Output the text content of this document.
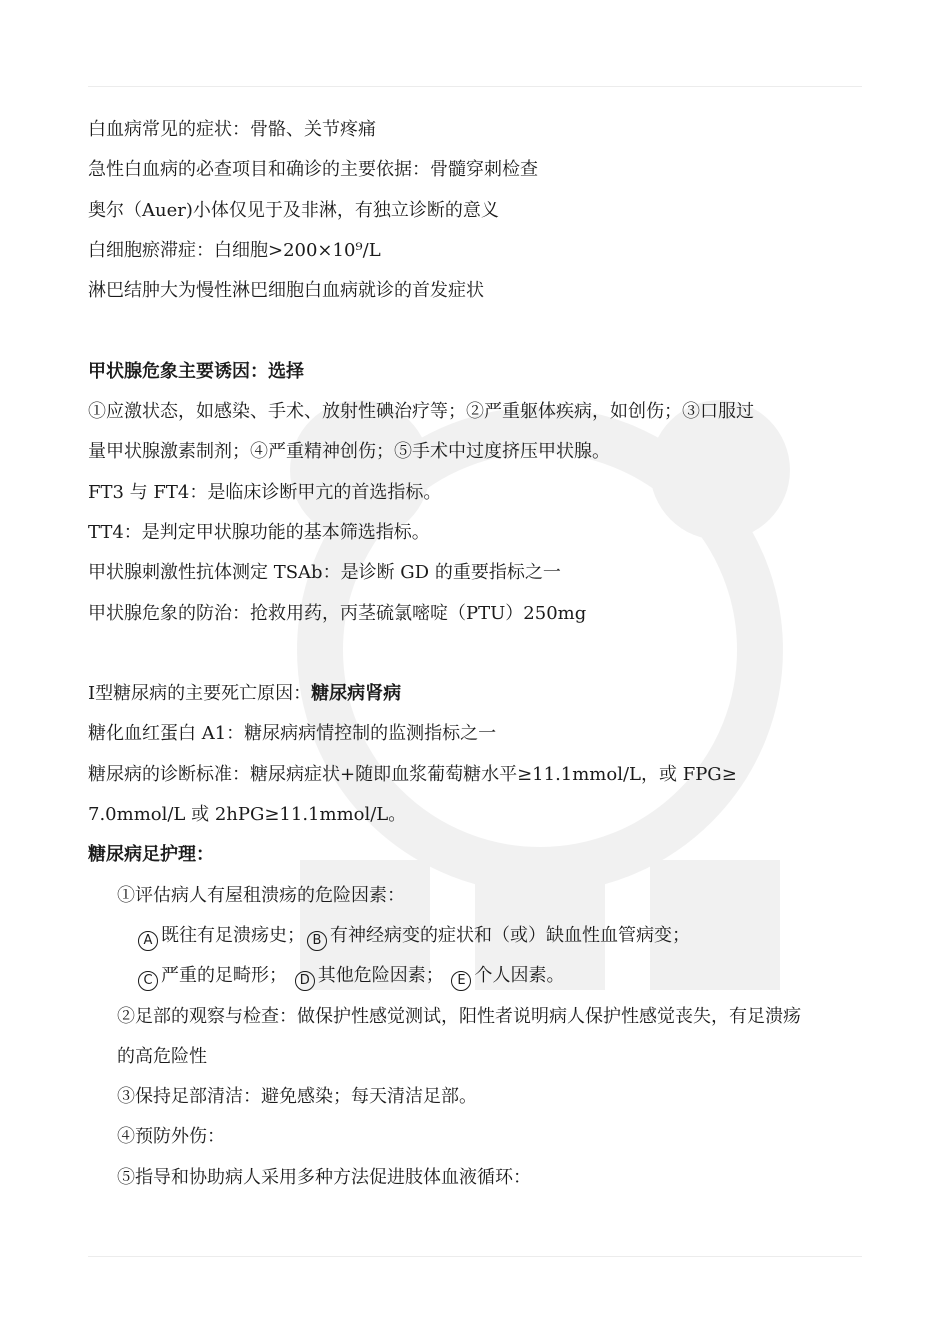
白血病常见的症状：骨骼、关节疼痛
急性白血病的必查项目和确诊的主要依据：骨髓穿刺检查
奥尔（Auer)小体仅见于及非淋，有独立诊断的意义
白细胞瘀滞症：白细胞>200×10⁹/L
淋巴结肿大为慢性淋巴细胞白血病就诊的首发症状
甲状腺危象主要诱因：选择
①应激状态，如感染、手术、放射性碘治疗等；②严重躯体疾病，如创伤；③口服过
量甲状腺激素制剂；④严重精神创伤；⑤手术中过度挤压甲状腺。
FT3 与 FT4：是临床诊断甲亢的首选指标。
TT4：是判定甲状腺功能的基本筛选指标。
甲状腺刺激性抗体测定 TSAb：是诊断 GD 的重要指标之一
甲状腺危象的防治：抢救用药，丙茎硫氯嘧啶（PTU）250mg
Ⅰ型糖尿病的主要死亡原因：糖尿病肾病
糖化血红蛋白 A1：糖尿病病情控制的监测指标之一
糖尿病的诊断标准：糖尿病症状+随即血浆葡萄糖水平≥11.1mmol/L，或 FPG≥
7.0mmol/L 或 2hPG≥11.1mmol/L。
糖尿病足护理：
①评估病人有屋租溃疡的危险因素：
A 既往有足溃疡史； B 有神经病变的症状和（或）缺血性血管病变；
C 严重的足畸形； D 其他危险因素； E 个人因素。
②足部的观察与检查：做保护性感觉测试，阳性者说明病人保护性感觉丧失，有足溃疡
的高危险性
③保持足部清洁：避免感染；每天清洁足部。
④预防外伤：
⑤指导和协助病人采用多种方法促进肢体血液循环：
